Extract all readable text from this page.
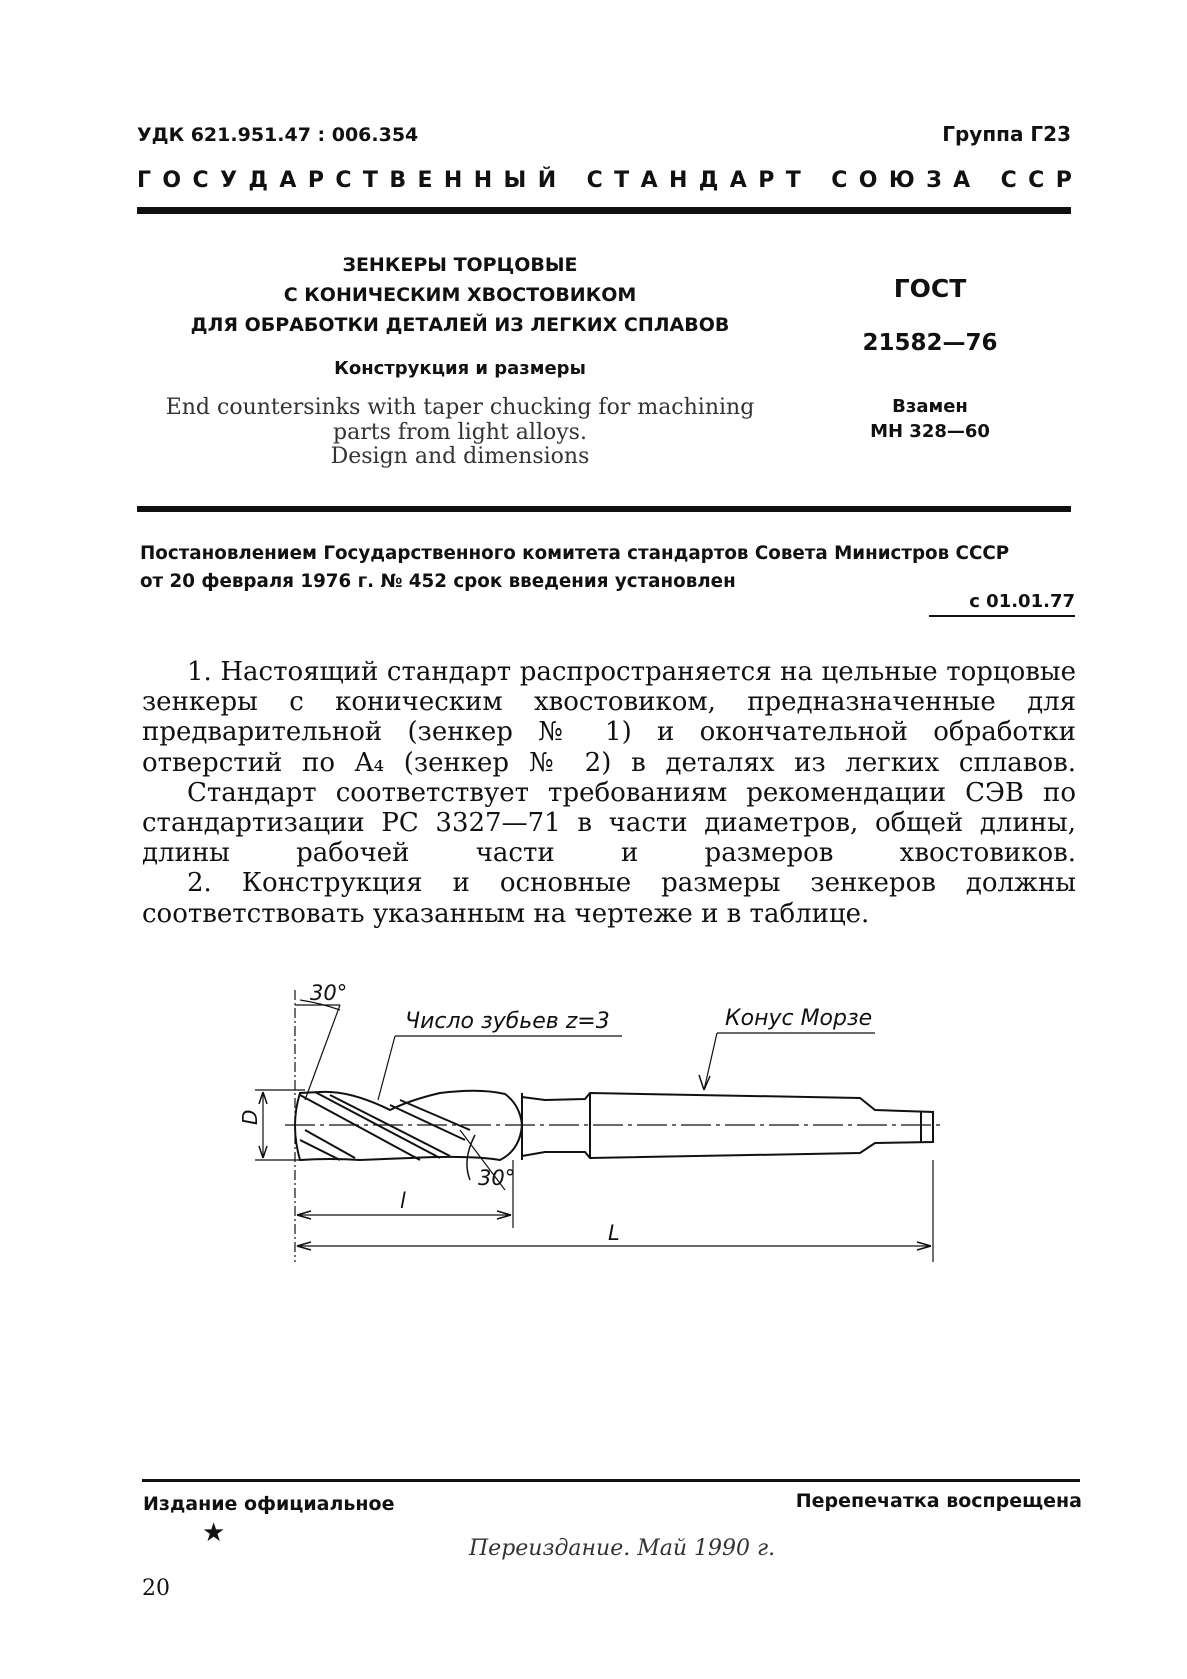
УДК 621.951.47 : 006.354	Группа Г23
ГОСУДАРСТВЕННЫЙ СТАНДАРТ СОЮЗА ССР
ЗЕНКЕРЫ ТОРЦОВЫЕ
С КОНИЧЕСКИМ ХВОСТОВИКОМ
ДЛЯ ОБРАБОТКИ ДЕТАЛЕЙ ИЗ ЛЕГКИХ СПЛАВОВ
Конструкция и размеры
End countersinks with taper chucking for machining
parts from light alloys.
Design and dimensions
ГОСТ
21582—76
Взамен
МН 328—60
Постановлением Государственного комитета стандартов Совета Министров СССР
от 20 февраля 1976 г. № 452 срок введения установлен
с 01.01.77

1. Настоящий стандарт распространяется на цельные торцовые зенкеры с коническим хвостовиком, предназначенные для предварительной (зенкер № 1) и окончательной обработки отверстий по A₄ (зенкер № 2) в деталях из легких сплавов.

Стандарт соответствует требованиям рекомендации СЭВ по стандартизации РС 3327—71 в части диаметров, общей длины, длины рабочей части и размеров хвостовиков.

2. Конструкция и основные размеры зенкеров должны соответствовать указанным на чертеже и в таблице.

30°
Число зубьев z=3	Конус Морзе
D
30°
l
L
Издание официальное
★
Перепечатка воспрещена
Переиздание. Май 1990 г.
20
